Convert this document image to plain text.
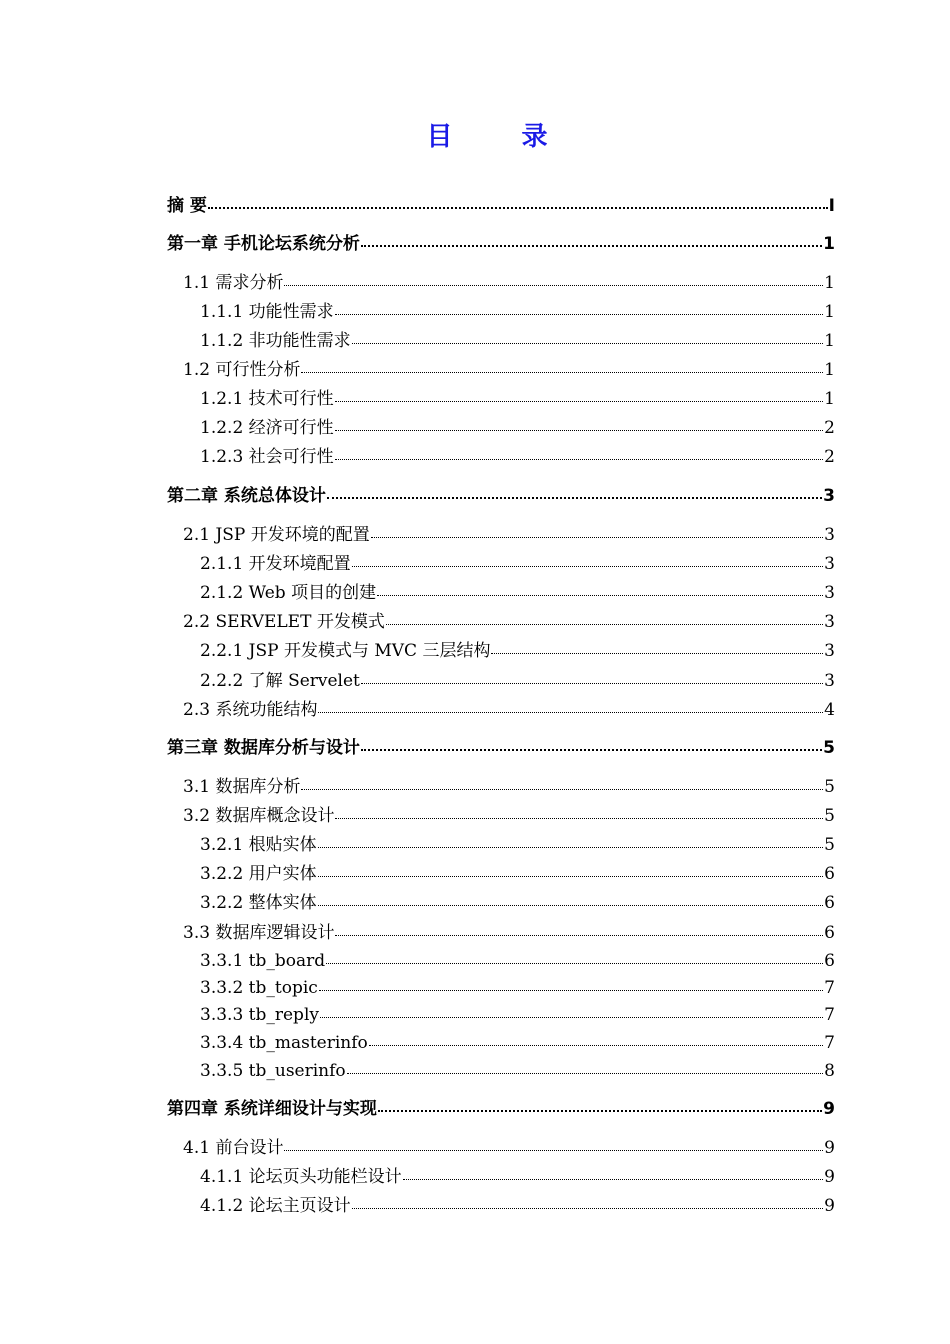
目 录
摘 要	I
第一章 手机论坛系统分析	1
1.1 需求分析	1
1.1.1 功能性需求	1
1.1.2 非功能性需求	1
1.2 可行性分析	1
1.2.1 技术可行性	1
1.2.2 经济可行性	2
1.2.3 社会可行性	2
第二章 系统总体设计	3
2.1 JSP 开发环境的配置	3
2.1.1 开发环境配置	3
2.1.2 Web 项目的创建	3
2.2 SERVELET 开发模式	3
2.2.1 JSP 开发模式与 MVC 三层结构	3
2.2.2 了解 Servelet	3
2.3 系统功能结构	4
第三章 数据库分析与设计	5
3.1 数据库分析	5
3.2 数据库概念设计	5
3.2.1 根贴实体	5
3.2.2 用户实体	6
3.2.2 整体实体	6
3.3 数据库逻辑设计	6
3.3.1 tb_board	6
3.3.2 tb_topic	7
3.3.3 tb_reply	7
3.3.4 tb_masterinfo	7
3.3.5 tb_userinfo	8
第四章 系统详细设计与实现	9
4.1 前台设计	9
4.1.1 论坛页头功能栏设计	9
4.1.2 论坛主页设计	9
